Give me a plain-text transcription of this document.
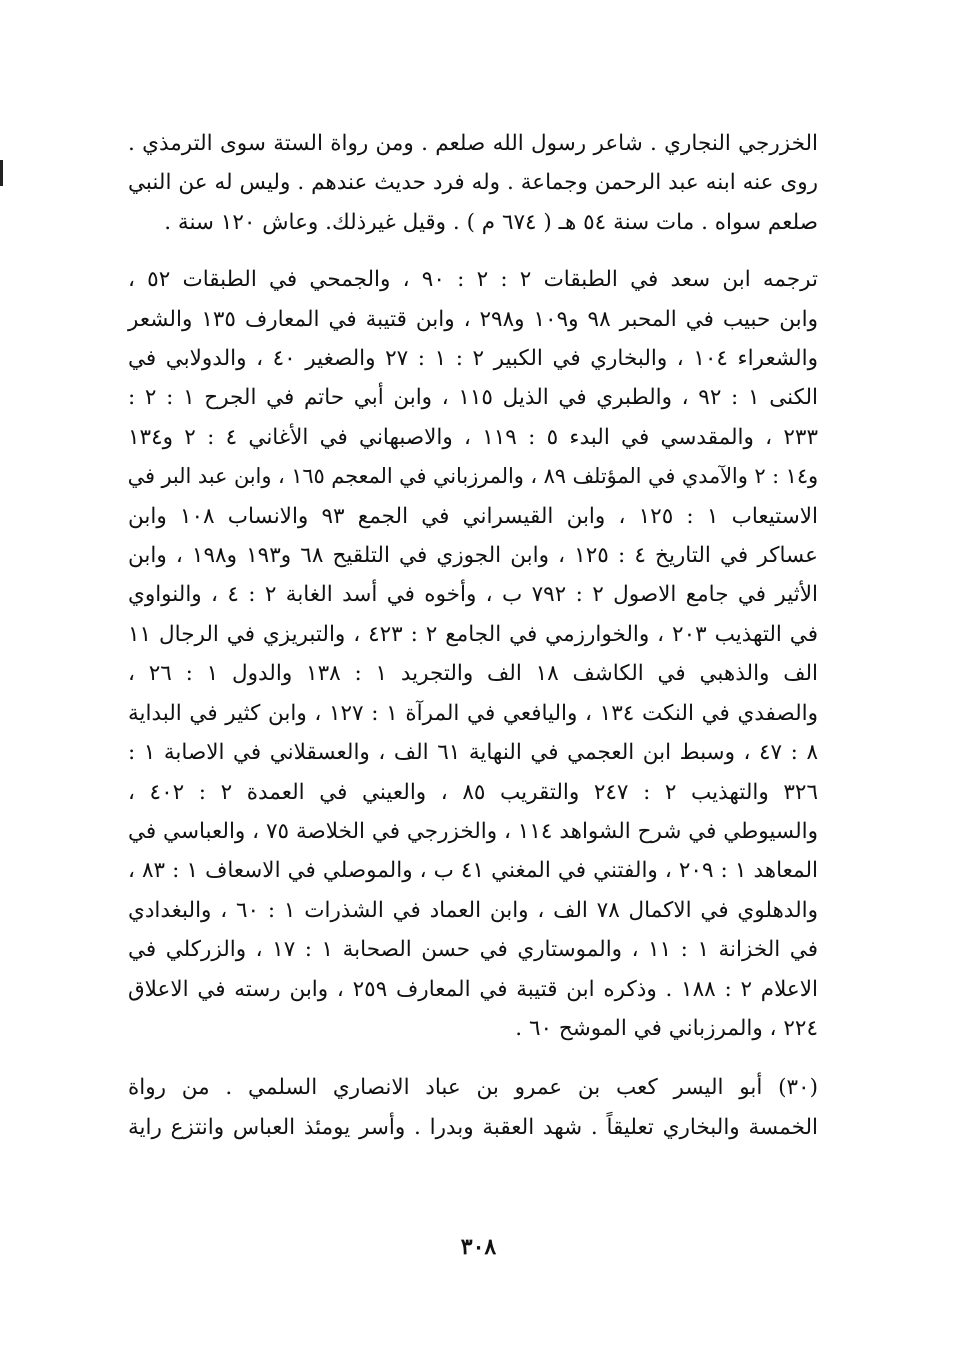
الخزرجي النجاري . شاعر رسول الله صلعم . ومن رواة الستة سوى الترمذي .
روى عنه ابنه عبد الرحمن وجماعة . وله فرد حديث عندهم . وليس له عن النبي
صلعم سواه . مات سنة ٥٤ هـ ( ٦٧٤ م ) . وقيل غيرذلك. وعاش ١٢٠ سنة .
ترجمه ابن سعد في الطبقات ٢ : ٢ : ٩٠ ، والجمحي في الطبقات ٥٢ ،
وابن حبيب في المحبر ٩٨ و١٠٩ و٢٩٨ ، وابن قتيبة في المعارف ١٣٥ والشعر
والشعراء ١٠٤ ، والبخاري في الكبير ٢ : ١ : ٢٧ والصغير ٤٠ ، والدولابي في
الكنى ١ : ٩٢ ، والطبري في الذيل ١١٥ ، وابن أبي حاتم في الجرح ١ : ٢ :
٢٣٣ ، والمقدسي في البدء ٥ : ١١٩ ، والاصبهاني في الأغاني ٤ : ٢ و١٣٤
و١٤ : ٢ والآمدي في المؤتلف ٨٩ ، والمرزباني في المعجم ١٦٥ ، وابن عبد البر في
الاستيعاب ١ : ١٢٥ ، وابن القيسراني في الجمع ٩٣ والانساب ١٠٨ وابن
عساكر في التاريخ ٤ : ١٢٥ ، وابن الجوزي في التلقيح ٦٨ و١٩٣ و١٩٨ ، وابن
الأثير في جامع الاصول ٢ : ٧٩٢ ب ، وأخوه في أسد الغابة ٢ : ٤ ، والنواوي
في التهذيب ٢٠٣ ، والخوارزمي في الجامع ٢ : ٤٢٣ ، والتبريزي في الرجال ١١
الف والذهبي في الكاشف ١٨ الف والتجريد ١ : ١٣٨ والدول ١ : ٢٦ ،
والصفدي في النكت ١٣٤ ، واليافعي في المرآة ١ : ١٢٧ ، وابن كثير في البداية
٨ : ٤٧ ، وسبط ابن العجمي في النهاية ٦١ الف ، والعسقلاني في الاصابة ١ :
٣٢٦ والتهذيب ٢ : ٢٤٧ والتقريب ٨٥ ، والعيني في العمدة ٢ : ٤٠٢ ،
والسيوطي في شرح الشواهد ١١٤ ، والخزرجي في الخلاصة ٧٥ ، والعباسي في
المعاهد ١ : ٢٠٩ ، والفتني في المغني ٤١ ب ، والموصلي في الاسعاف ١ : ٨٣ ،
والدهلوي في الاكمال ٧٨ الف ، وابن العماد في الشذرات ١ : ٦٠ ، والبغدادي
في الخزانة ١ : ١١ ، والموستاري في حسن الصحابة ١ : ١٧ ، والزركلي في
الاعلام ٢ : ١٨٨ . وذكره ابن قتيبة في المعارف ٢٥٩ ، وابن رسته في الاعلاق
٢٢٤ ، والمرزباني في الموشح ٦٠ .
(٣٠) أبو اليسر كعب بن عمرو بن عباد الانصاري السلمي . من رواة
الخمسة والبخاري تعليقاً . شهد العقبة وبدرا . وأسر يومئذ العباس وانتزع راية
٣٠٨
